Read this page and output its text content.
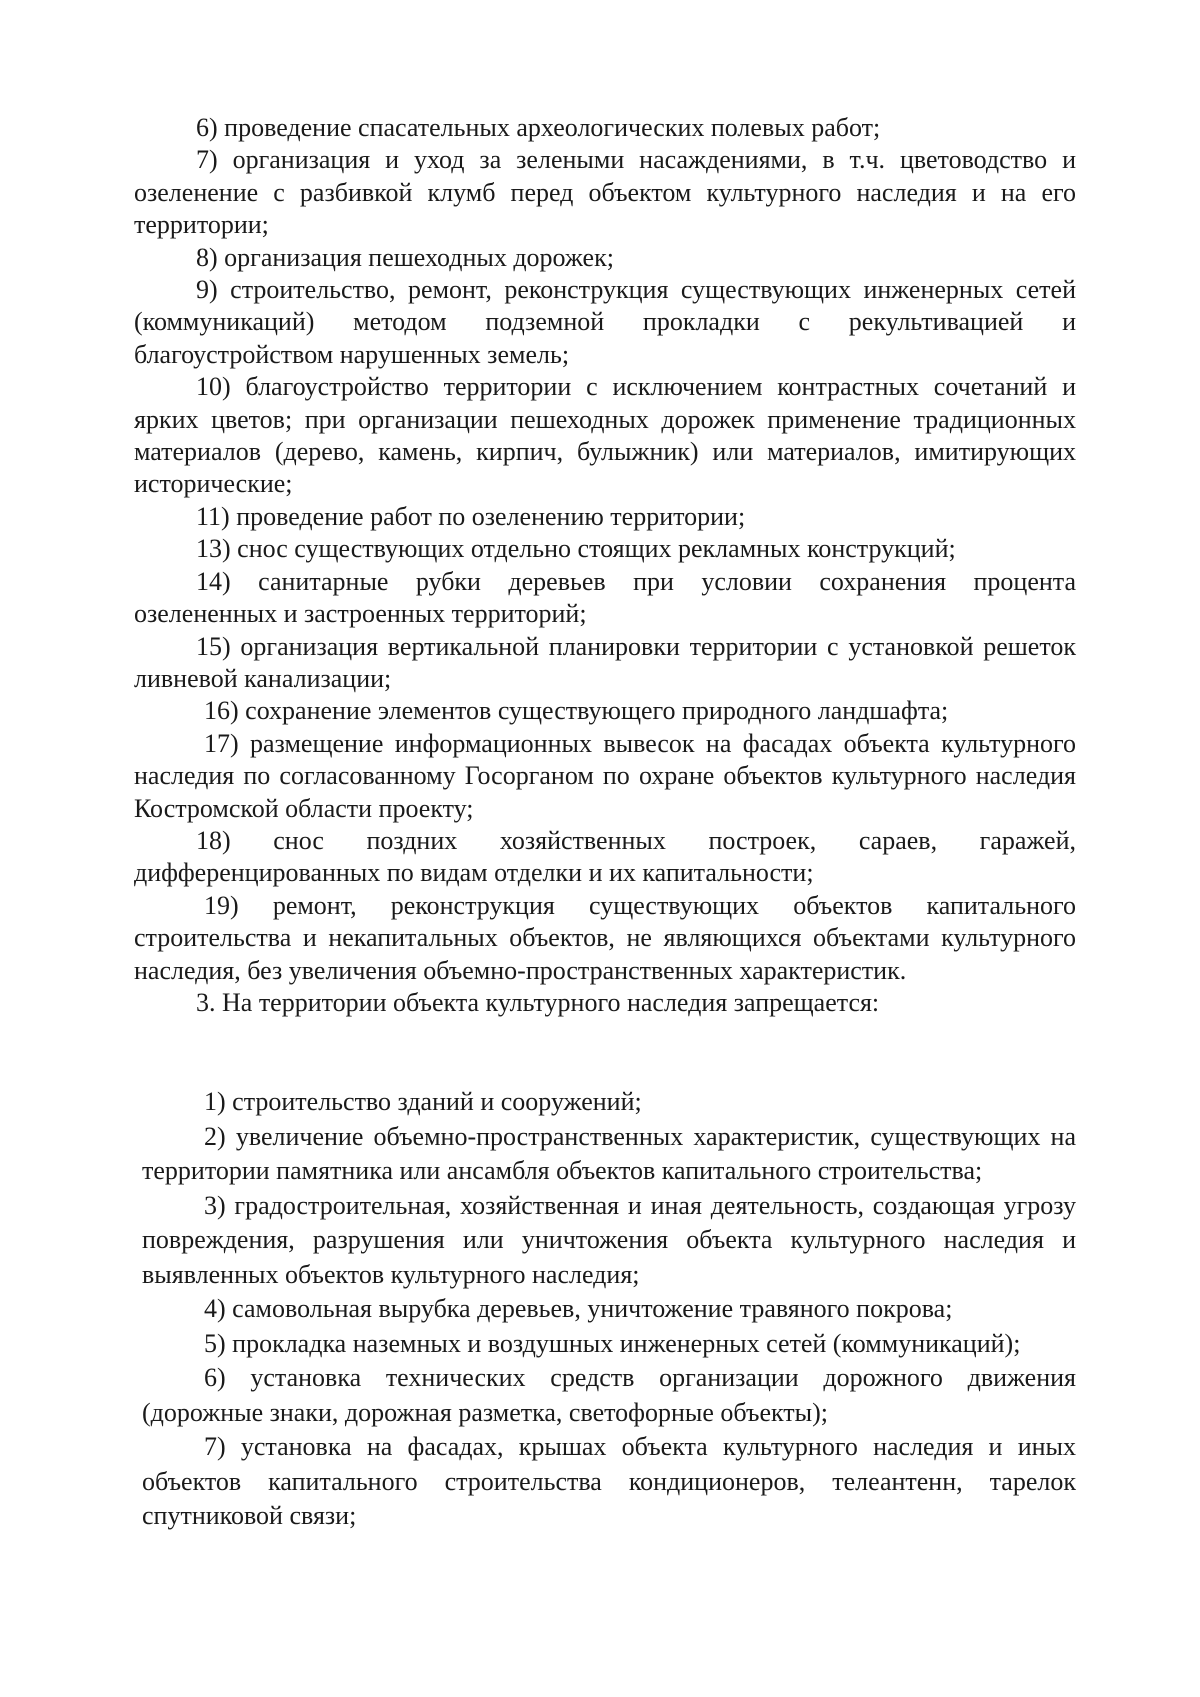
6) проведение спасательных археологических полевых работ;

7) организация и уход за зелеными насаждениями, в т.ч. цветоводство и озеленение с разбивкой клумб перед объектом культурного наследия и на его территории;

8) организация пешеходных дорожек;

9) строительство, ремонт, реконструкция существующих инженерных сетей (коммуникаций) методом подземной прокладки с рекультивацией и благоустройством нарушенных земель;

10) благоустройство территории с исключением контрастных сочетаний и ярких цветов; при организации пешеходных дорожек применение традиционных материалов (дерево, камень, кирпич, булыжник) или материалов, имитирующих исторические;

11) проведение работ по озеленению территории;

13) снос существующих отдельно стоящих рекламных конструкций;

14) санитарные рубки деревьев при условии сохранения процента озелененных и застроенных территорий;

15) организация вертикальной планировки территории с установкой решеток ливневой канализации;

16) сохранение элементов существующего природного ландшафта;

17) размещение информационных вывесок на фасадах объекта культурного наследия по согласованному Госорганом по охране объектов культурного наследия Костромской области проекту;

18) снос поздних хозяйственных построек, сараев, гаражей, дифференцированных по видам отделки и их капитальности;

19) ремонт, реконструкция существующих объектов капитального строительства и некапитальных объектов, не являющихся объектами культурного наследия, без увеличения объемно-пространственных характеристик.

3. На территории объекта культурного наследия запрещается:

1) строительство зданий и сооружений;

2) увеличение объемно-пространственных характеристик, существующих на территории памятника или ансамбля объектов капитального строительства;

3) градостроительная, хозяйственная и иная деятельность, создающая угрозу повреждения, разрушения или уничтожения объекта культурного наследия и выявленных объектов культурного наследия;

4) самовольная вырубка деревьев, уничтожение травяного покрова;

5) прокладка наземных и воздушных инженерных сетей (коммуникаций);

6) установка технических средств организации дорожного движения (дорожные знаки, дорожная разметка, светофорные объекты);

7) установка на фасадах, крышах объекта культурного наследия и иных объектов капитального строительства кондиционеров, телеантенн, тарелок спутниковой связи;
